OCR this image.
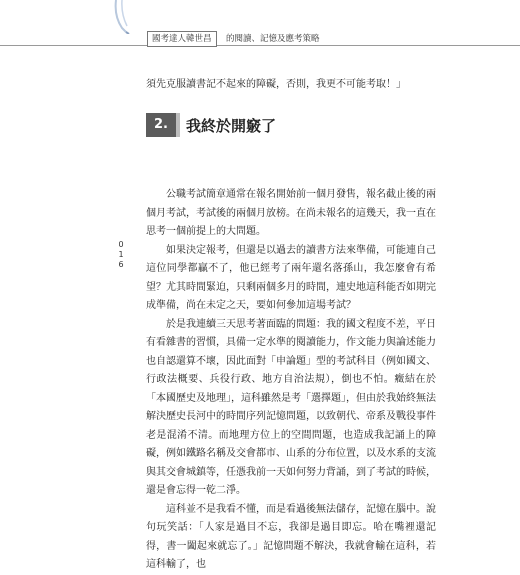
國考達人韓世昌	的閱讀、記憶及應考策略
016

須先克服讀書記不起來的障礙，否則，我更不可能考取！」

2.	我終於開竅了

公職考試簡章通常在報名開始前一個月發售，報名截止後的兩個月考試，考試後的兩個月放榜。在尚未報名的這幾天，我一直在思考一個前提上的大問題。

如果決定報考，但還是以過去的讀書方法來準備，可能連自己這位同學都贏不了，他已經考了兩年還名落孫山，我怎麼會有希望？尤其時間緊迫，只剩兩個多月的時間，連史地這科能否如期完成準備，尚在未定之天，要如何參加這場考試？

於是我連續三天思考著面臨的問題：我的國文程度不差，平日有看雜書的習慣，具備一定水準的閱讀能力，作文能力與論述能力也自認還算不壞，因此面對「申論題」型的考試科目（例如國文、行政法概要、兵役行政、地方自治法規），倒也不怕。癥結在於「本國歷史及地理」，這科雖然是考「選擇題」，但由於我始終無法解決歷史長河中的時間序列記憶問題，以致朝代、帝系及戰役事件老是混淆不清。而地理方位上的空間問題，也造成我記誦上的障礙，例如鐵路名稱及交會都市、山系的分布位置，以及水系的支流與其交會城鎮等，任憑我前一天如何努力背誦，到了考試的時候，還是會忘得一乾二淨。

這科並不是我看不懂，而是看過後無法儲存，記憶在腦中。說句玩笑話：「人家是過目不忘，我卻是過目即忘。哈在嘴裡還記得，書一闔起來就忘了。」記憶問題不解決，我就會輸在這科，若這科輸了，也
